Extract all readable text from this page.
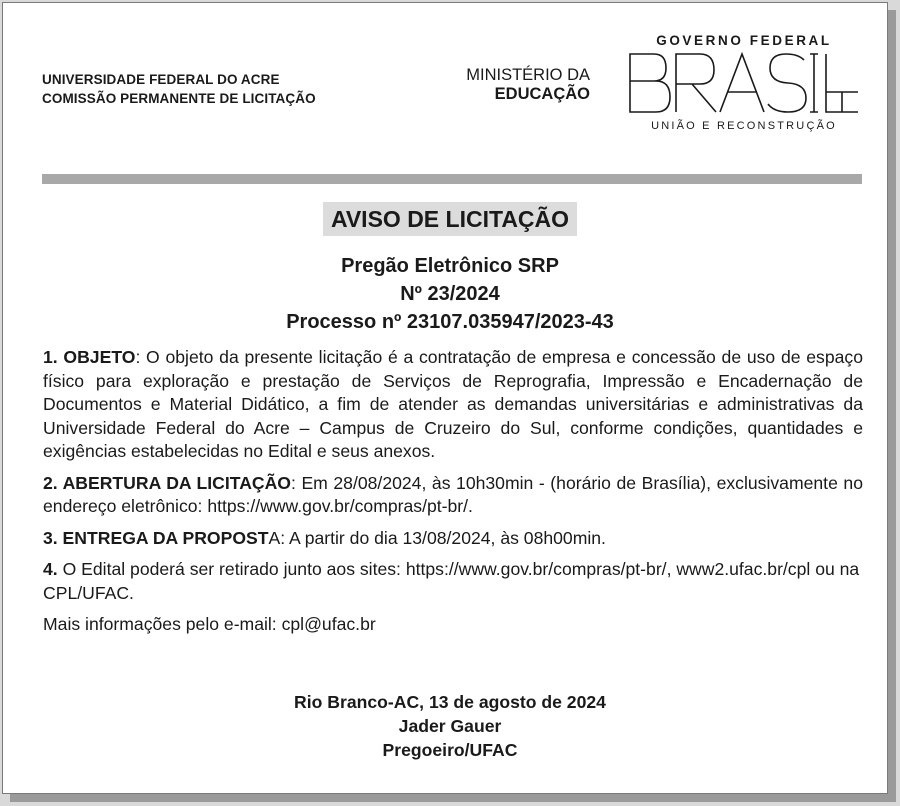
UNIVERSIDADE FEDERAL DO ACRE
COMISSÃO PERMANENTE DE LICITAÇÃO
MINISTÉRIO DA
EDUCAÇÃO
GOVERNO FEDERAL
UNIÃO E RECONSTRUÇÃO
AVISO DE LICITAÇÃO
Pregão Eletrônico SRP
Nº 23/2024
Processo nº 23107.035947/2023-43

1. OBJETO: O objeto da presente licitação é a contratação de empresa e concessão de uso de espaço físico para exploração e prestação de Serviços de Reprografia, Impressão e Encadernação de Documentos e Material Didático, a fim de atender as demandas universitárias e administrativas da Universidade Federal do Acre – Campus de Cruzeiro do Sul, conforme condições, quantidades e exigências estabelecidas no Edital e seus anexos.

2. ABERTURA DA LICITAÇÃO: Em 28/08/2024, às 10h30min - (horário de Brasília), exclusivamente no endereço eletrônico: https://www.gov.br/compras/pt-br/.

3. ENTREGA DA PROPOSTA: A partir do dia 13/08/2024, às 08h00min.

4. O Edital poderá ser retirado junto aos sites: https://www.gov.br/compras/pt-br/, www2.ufac.br/cpl ou na CPL/UFAC.

Mais informações pelo e-mail: cpl@ufac.br

Rio Branco-AC, 13 de agosto de 2024
Jader Gauer
Pregoeiro/UFAC
